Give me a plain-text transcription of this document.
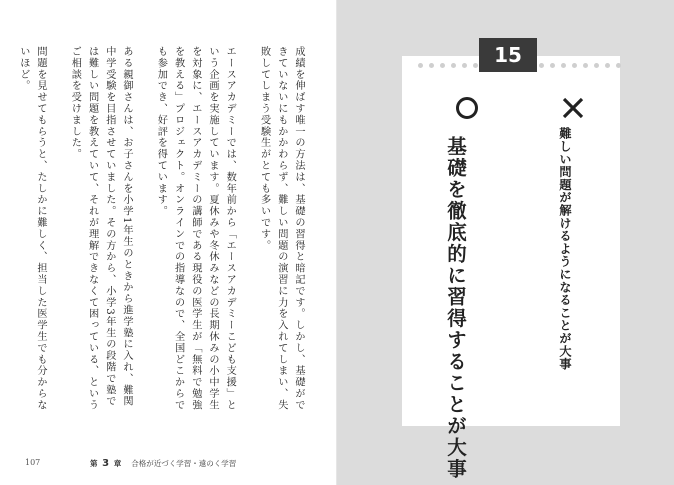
成績を伸ばす唯一の方法は、基礎の習得と暗記です。しかし、基礎ができていないにもかかわらず、難しい問題の演習に力を入れてしまい、失敗してしまう受験生がとても多いです。

エースアカデミーでは、数年前から「エースアカデミーこども支援」という企画を実施しています。夏休みや冬休みなどの長期休みの小中学生を対象に、エースアカデミーの講師である現役の医学生が「無料で勉強を教える」プロジェクト。オンラインでの指導なので、全国どこからでも参加でき、好評を得ています。

ある親御さんは、お子さんを小学1年生のときから進学塾に入れ、難関中学受験を目指させていました。その方から、小学3年生の段階で塾では難しい問題を教えていて、それが理解できなくて困っている、というご相談を受けました。

問題を見せてもらうと、たしかに難しく、担当した医学生でも分からないほど。

107	第 3 章 合格が近づく学習・遠のく学習
15
基礎を徹底的に習得することが大事	難しい問題が解けるようになることが大事
